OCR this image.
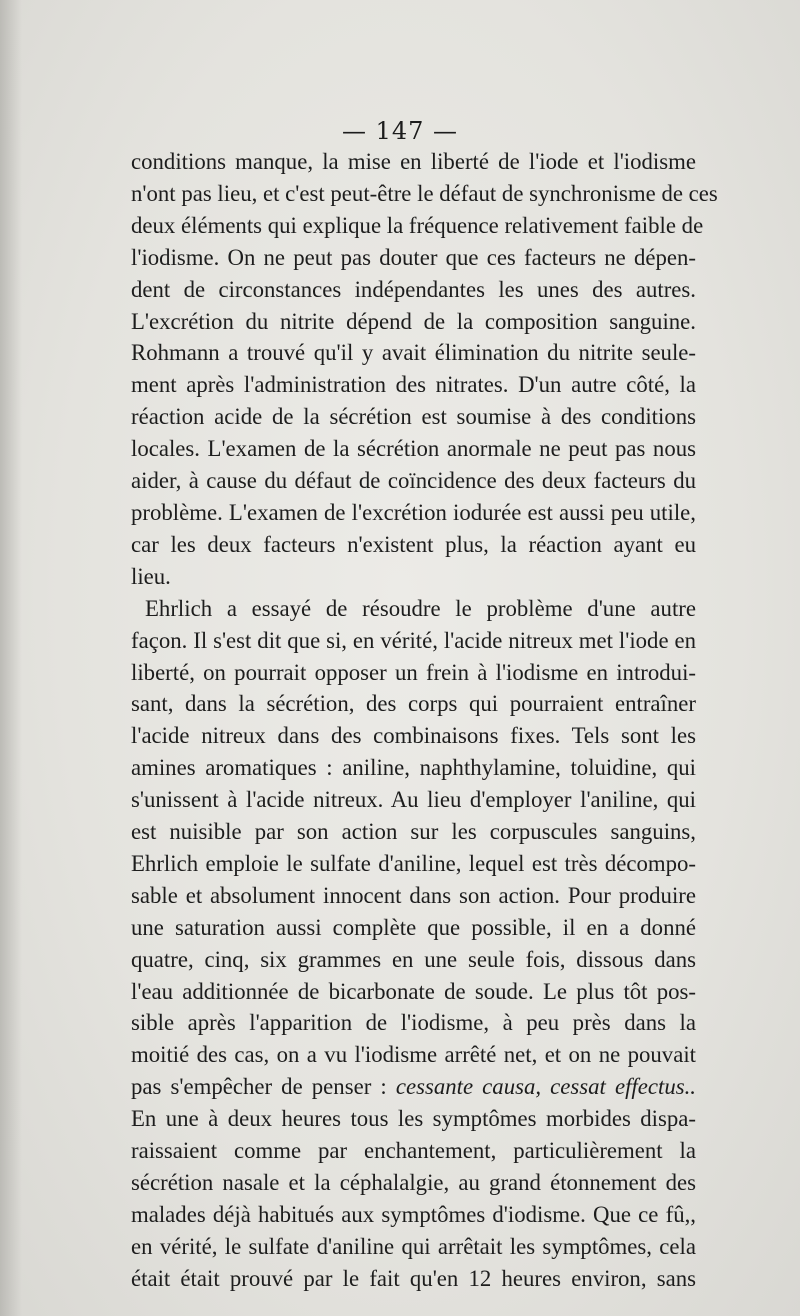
— 147 —
conditions manque, la mise en liberté de l'iode et l'iodisme
n'ont pas lieu, et c'est peut-être le défaut de synchronisme de ces
deux éléments qui explique la fréquence relativement faible de
l'iodisme. On ne peut pas douter que ces facteurs ne dépen-
dent de circonstances indépendantes les unes des autres.
L'excrétion du nitrite dépend de la composition sanguine.
Rohmann a trouvé qu'il y avait élimination du nitrite seule-
ment après l'administration des nitrates. D'un autre côté, la
réaction acide de la sécrétion est soumise à des conditions
locales. L'examen de la sécrétion anormale ne peut pas nous
aider, à cause du défaut de coïncidence des deux facteurs du
problème. L'examen de l'excrétion iodurée est aussi peu utile,
car les deux facteurs n'existent plus, la réaction ayant eu
lieu.
Ehrlich a essayé de résoudre le problème d'une autre
façon. Il s'est dit que si, en vérité, l'acide nitreux met l'iode en
liberté, on pourrait opposer un frein à l'iodisme en introdui-
sant, dans la sécrétion, des corps qui pourraient entraîner
l'acide nitreux dans des combinaisons fixes. Tels sont les
amines aromatiques : aniline, naphthylamine, toluidine, qui
s'unissent à l'acide nitreux. Au lieu d'employer l'aniline, qui
est nuisible par son action sur les corpuscules sanguins,
Ehrlich emploie le sulfate d'aniline, lequel est très décompo-
sable et absolument innocent dans son action. Pour produire
une saturation aussi complète que possible, il en a donné
quatre, cinq, six grammes en une seule fois, dissous dans
l'eau additionnée de bicarbonate de soude. Le plus tôt pos-
sible après l'apparition de l'iodisme, à peu près dans la
moitié des cas, on a vu l'iodisme arrêté net, et on ne pouvait
pas s'empêcher de penser : cessante causa, cessat effectus..
En une à deux heures tous les symptômes morbides dispa-
raissaient comme par enchantement, particulièrement la
sécrétion nasale et la céphalalgie, au grand étonnement des
malades déjà habitués aux symptômes d'iodisme. Que ce fû,,
en vérité, le sulfate d'aniline qui arrêtait les symptômes, cela
était était prouvé par le fait qu'en 12 heures environ, sans
